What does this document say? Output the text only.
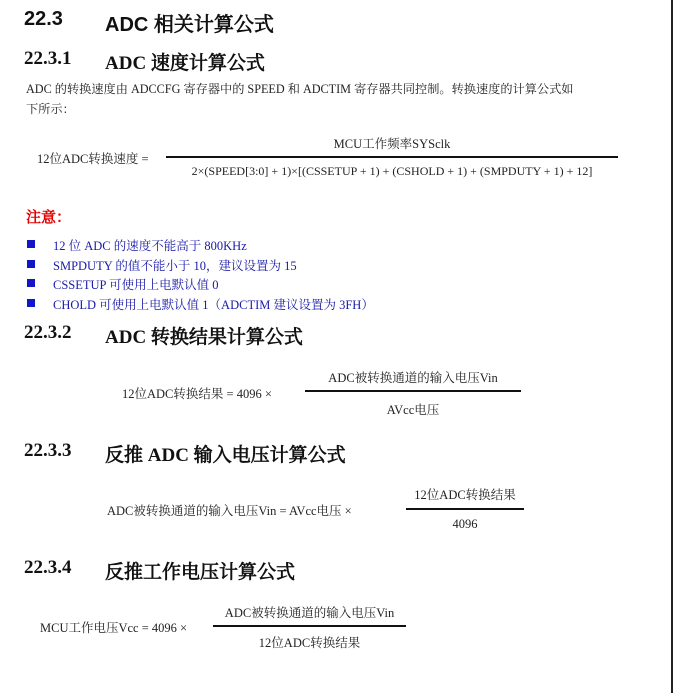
22.3 ADC 相关计算公式
22.3.1 ADC 速度计算公式
ADC 的转换速度由 ADCCFG 寄存器中的 SPEED 和 ADCTIM 寄存器共同控制。转换速度的计算公式如
下所示：
12位ADC转换速度 =
MCU工作频率SYSclk
2×(SPEED[3:0] + 1)×[(CSSETUP + 1) + (CSHOLD + 1) + (SMPDUTY + 1) + 12]
注意：
12 位 ADC 的速度不能高于 800KHz
SMPDUTY 的值不能小于 10，建议设置为 15
CSSETUP 可使用上电默认值 0
CHOLD 可使用上电默认值 1（ADCTIM 建议设置为 3FH）
22.3.2 ADC 转换结果计算公式
12位ADC转换结果 = 4096 ×
ADC被转换通道的输入电压Vin
AVcc电压
22.3.3 反推 ADC 输入电压计算公式
ADC被转换通道的输入电压Vin = AVcc电压 ×
12位ADC转换结果
4096
22.3.4 反推工作电压计算公式
MCU工作电压Vcc = 4096 ×
ADC被转换通道的输入电压Vin
12位ADC转换结果
